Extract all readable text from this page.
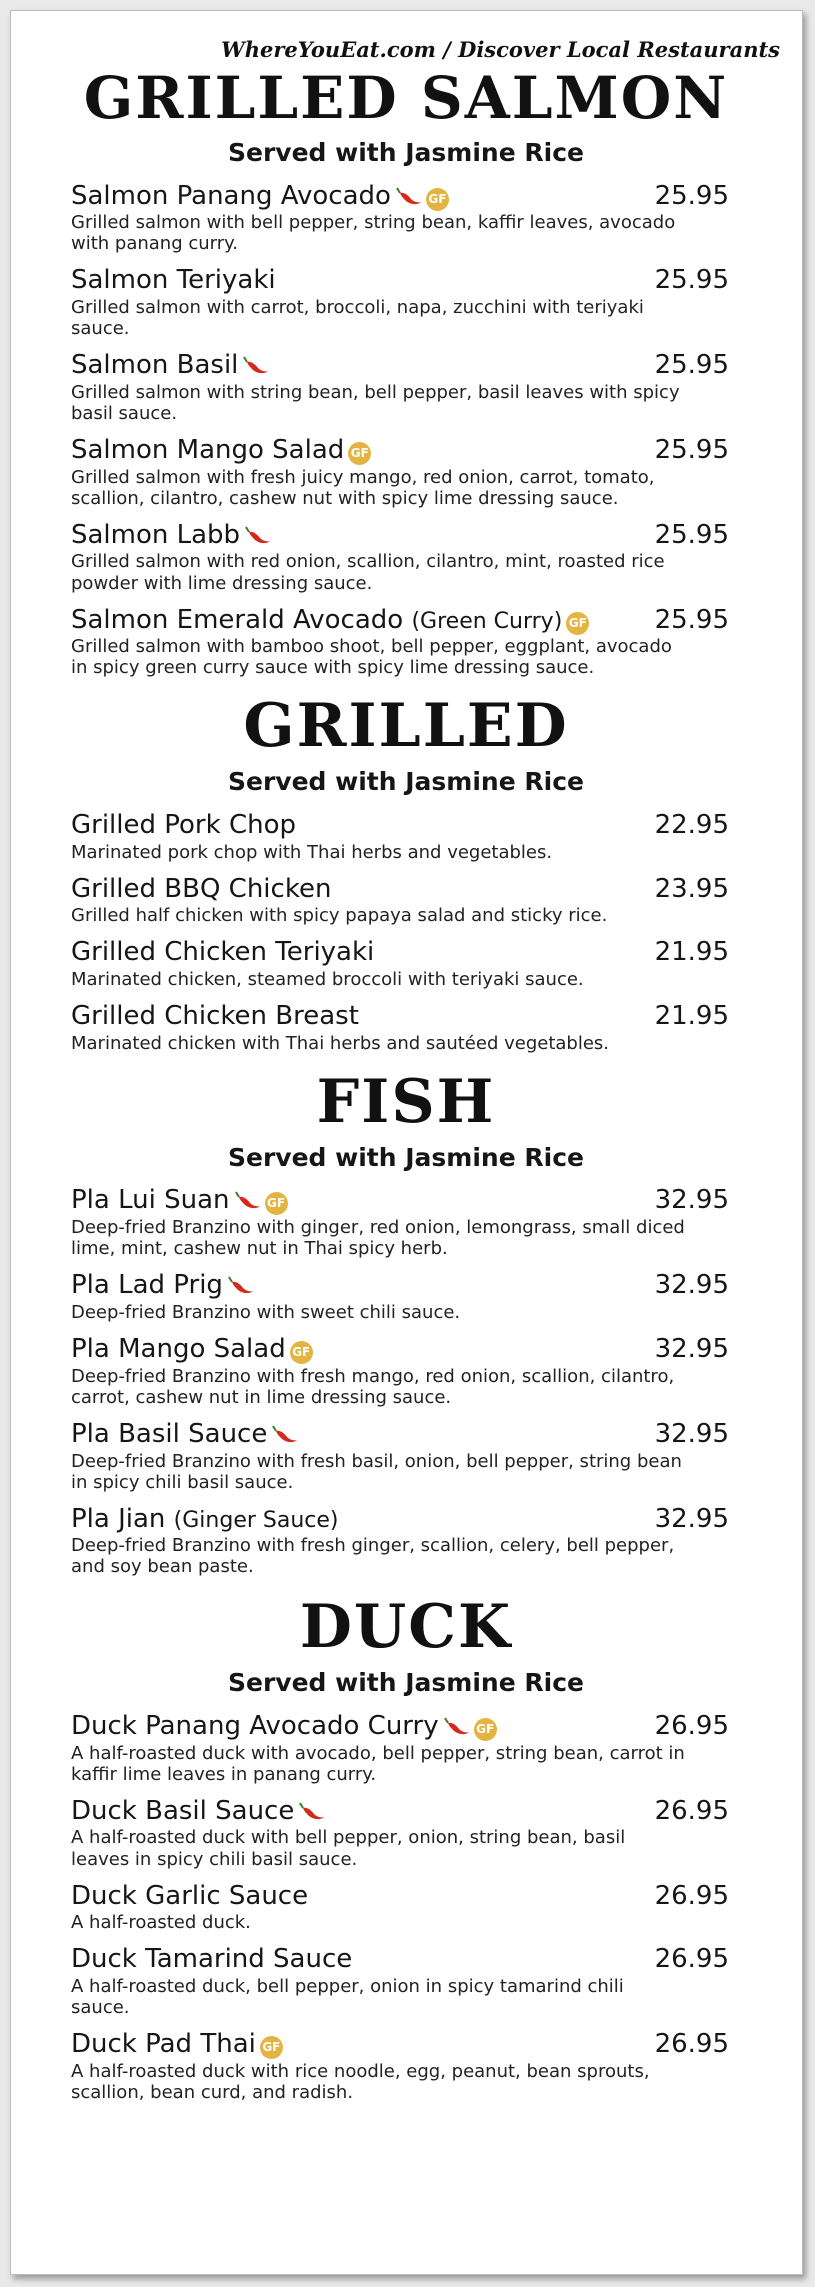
WhereYouEat.com / Discover Local Restaurants
GRILLED SALMON
Served with Jasmine Rice
Salmon Panang Avocado	GF	25.95
Grilled salmon with bell pepper, string bean, kaffir leaves, avocado with panang curry.
Salmon Teriyaki	25.95
Grilled salmon with carrot, broccoli, napa, zucchini with teriyaki sauce.
Salmon Basil	25.95
Grilled salmon with string bean, bell pepper, basil leaves with spicy basil sauce.
Salmon Mango Salad GF	25.95
Grilled salmon with fresh juicy mango, red onion, carrot, tomato, scallion, cilantro, cashew nut with spicy lime dressing sauce.
Salmon Labb	25.95
Grilled salmon with red onion, scallion, cilantro, mint, roasted rice powder with lime dressing sauce.
Salmon Emerald Avocado (Green Curry) GF	25.95
Grilled salmon with bamboo shoot, bell pepper, eggplant, avocado in spicy green curry sauce with spicy lime dressing sauce.
GRILLED
Served with Jasmine Rice
Grilled Pork Chop	22.95
Marinated pork chop with Thai herbs and vegetables.
Grilled BBQ Chicken	23.95
Grilled half chicken with spicy papaya salad and sticky rice.
Grilled Chicken Teriyaki	21.95
Marinated chicken, steamed broccoli with teriyaki sauce.
Grilled Chicken Breast	21.95
Marinated chicken with Thai herbs and sautéed vegetables.
FISH
Served with Jasmine Rice
Pla Lui Suan	GF	32.95
Deep-fried Branzino with ginger, red onion, lemongrass, small diced lime, mint, cashew nut in Thai spicy herb.
Pla Lad Prig	32.95
Deep-fried Branzino with sweet chili sauce.
Pla Mango Salad GF	32.95
Deep-fried Branzino with fresh mango, red onion, scallion, cilantro, carrot, cashew nut in lime dressing sauce.
Pla Basil Sauce	32.95
Deep-fried Branzino with fresh basil, onion, bell pepper, string bean in spicy chili basil sauce.
Pla Jian (Ginger Sauce)	32.95
Deep-fried Branzino with fresh ginger, scallion, celery, bell pepper, and soy bean paste.
DUCK
Served with Jasmine Rice
Duck Panang Avocado Curry	GF	26.95
A half-roasted duck with avocado, bell pepper, string bean, carrot in kaffir lime leaves in panang curry.
Duck Basil Sauce	26.95
A half-roasted duck with bell pepper, onion, string bean, basil leaves in spicy chili basil sauce.
Duck Garlic Sauce	26.95
A half-roasted duck.
Duck Tamarind Sauce	26.95
A half-roasted duck, bell pepper, onion in spicy tamarind chili sauce.
Duck Pad Thai GF	26.95
A half-roasted duck with rice noodle, egg, peanut, bean sprouts, scallion, bean curd, and radish.
